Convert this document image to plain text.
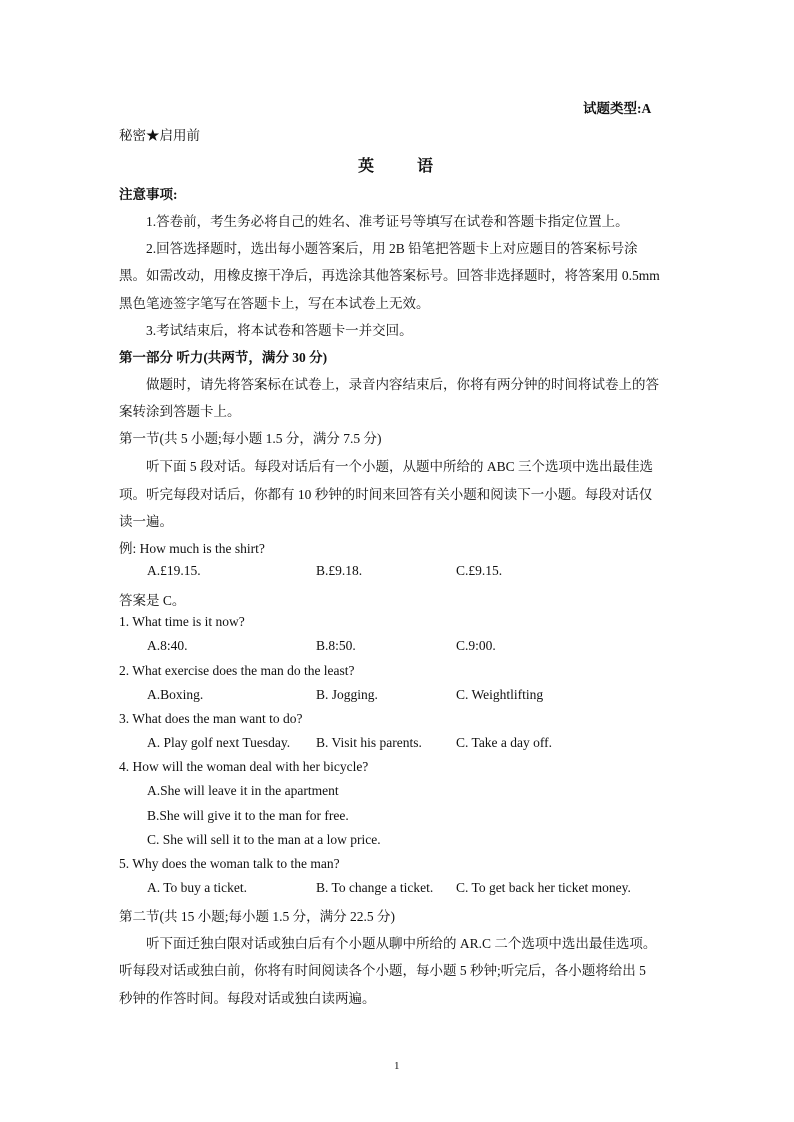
试题类型:A
秘密★启用前
英	语
注意事项:
1.答卷前，考生务必将自己的姓名、准考证号等填写在试卷和答题卡指定位置上。
2.回答选择题时，选出每小题答案后，用 2B 铅笔把答题卡上对应题目的答案标号涂
黑。如需改动，用橡皮擦干净后，再选涂其他答案标号。回答非选择题时，将答案用 0.5mm
黑色笔迹签字笔写在答题卡上，写在本试卷上无效。
3.考试结束后，将本试卷和答题卡一并交回。
第一部分 听力(共两节，满分 30 分)
做题时，请先将答案标在试卷上，录音内容结束后，你将有两分钟的时间将试卷上的答
案转涂到答题卡上。
第一节(共 5 小题;每小题 1.5 分，满分 7.5 分)
听下面 5 段对话。每段对话后有一个小题，从题中所给的 ABC 三个选项中选出最佳选
项。听完每段对话后，你都有 10 秒钟的时间来回答有关小题和阅读下一小题。每段对话仅
读一遍。
例: How much is the shirt?
A.£19.15.	B.£9.18.	C.£9.15.
答案是 C。
1. What time is it now?
A.8:40.	B.8:50.	C.9:00.
2. What exercise does the man do the least?
A.Boxing.	B. Jogging.	C. Weightlifting
3. What does the man want to do?
A. Play golf next Tuesday. B. Visit his parents.	C. Take a day off.
4. How will the woman deal with her bicycle?
A.She will leave it in the apartment
B.She will give it to the man for free.
C. She will sell it to the man at a low price.
5. Why does the woman talk to the man?
A. To buy a ticket.	B. To change a ticket. C. To get back her ticket money.
第二节(共 15 小题;每小题 1.5 分，满分 22.5 分)
听下面迁独白限对话或独白后有个小题从聊中所给的 AR.C 二个选项中选出最佳选项。
听每段对话或独白前，你将有时间阅读各个小题，每小题 5 秒钟;听完后，各小题将给出 5
秒钟的作答时间。每段对话或独白读两遍。
1
